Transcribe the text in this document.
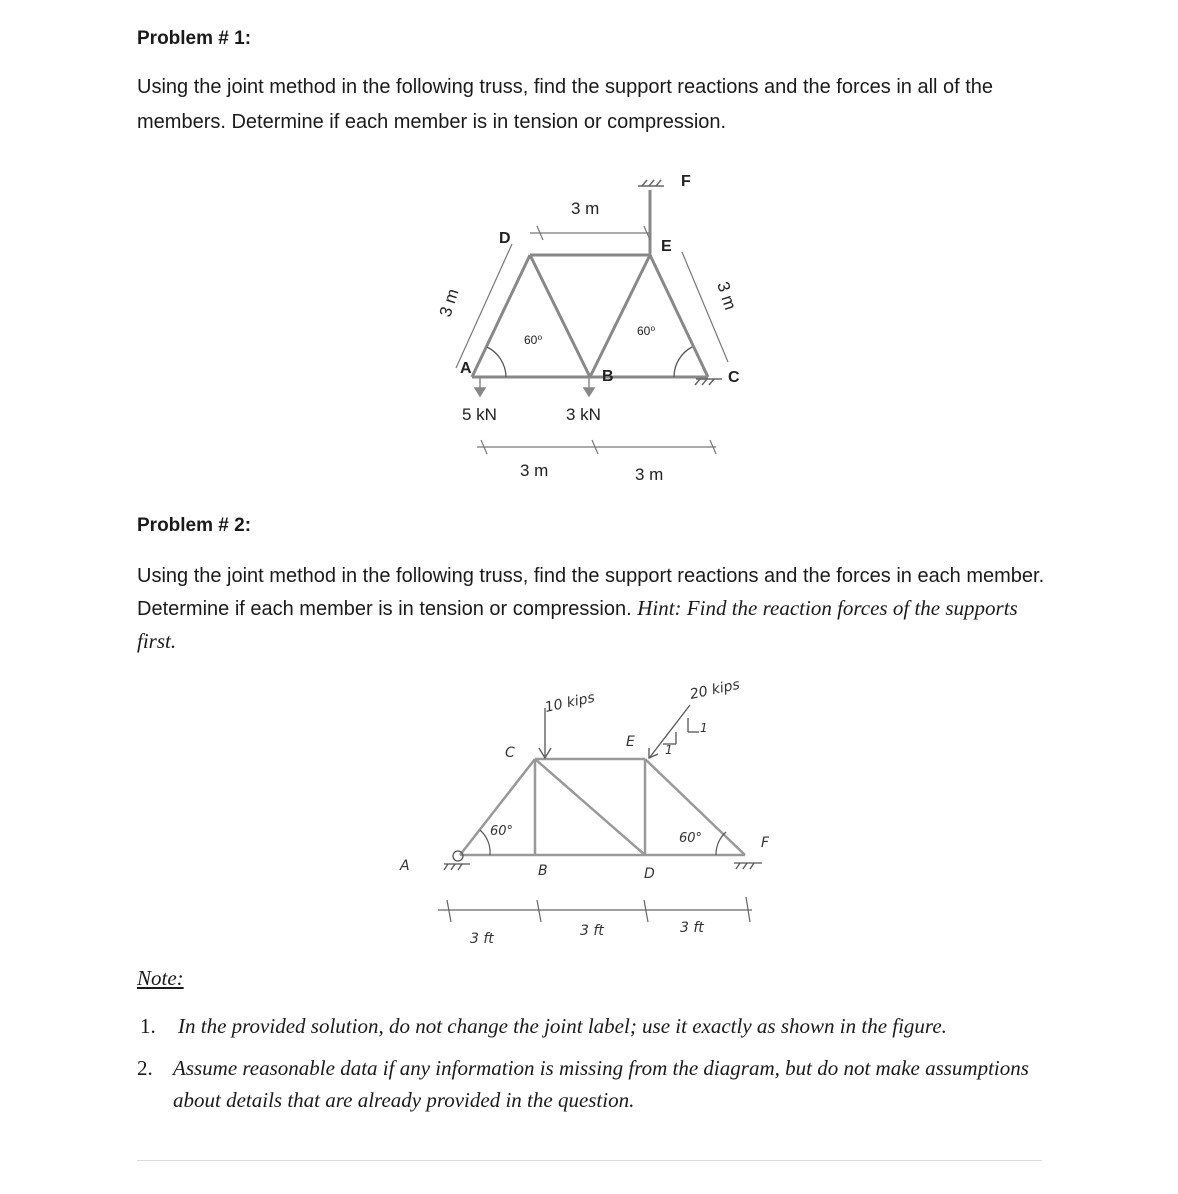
Problem # 1:
Using the joint method in the following truss, find the support reactions and the forces in all of the members. Determine if each member is in tension or compression.
D	E
F
A	B	C
3 m
3 m	3 m
60⁰
60⁰
5 kN	3 kN
3 m	3 m
Problem # 2:
Using the joint method in the following truss, find the support reactions and the forces in each member. Determine if each member is in tension or compression. Hint: Find the reaction forces of the supports first.
A	B
C
D
E
F
10 kips	20 kips
1
1
60°	60°
3 ft	3 ft	3 ft
Note:
1. In the provided solution, do not change the joint label; use it exactly as shown in the figure.
2. Assume reasonable data if any information is missing from the diagram, but do not make assumptions about details that are already provided in the question.
